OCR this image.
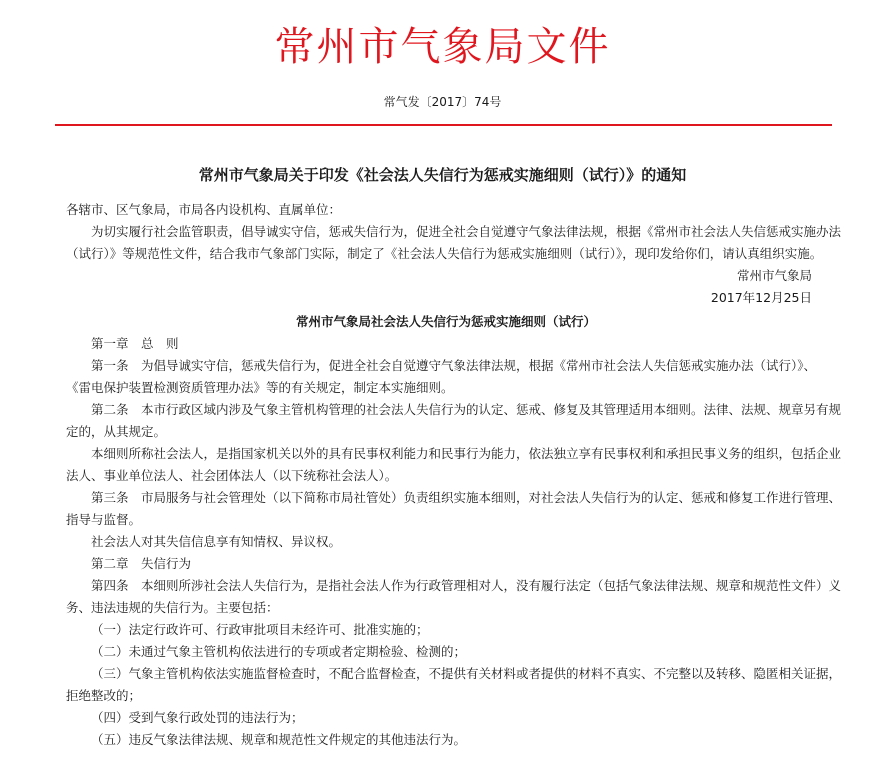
常州市气象局文件
常气发〔2017〕74号
常州市气象局关于印发《社会法人失信行为惩戒实施细则（试行）》的通知
各辖市、区气象局，市局各内设机构、直属单位：
为切实履行社会监管职责，倡导诚实守信，惩戒失信行为，促进全社会自觉遵守气象法律法规，根据《常州市社会法人失信惩戒实施办法
（试行）》等规范性文件，结合我市气象部门实际，制定了《社会法人失信行为惩戒实施细则（试行）》，现印发给你们，请认真组织实施。
常州市气象局
2017年12月25日
常州市气象局社会法人失信行为惩戒实施细则（试行）
第一章　总　则
第一条　为倡导诚实守信，惩戒失信行为，促进全社会自觉遵守气象法律法规，根据《常州市社会法人失信惩戒实施办法（试行）》、
《雷电保护装置检测资质管理办法》等的有关规定，制定本实施细则。
第二条　本市行政区域内涉及气象主管机构管理的社会法人失信行为的认定、惩戒、修复及其管理适用本细则。法律、法规、规章另有规
定的，从其规定。
本细则所称社会法人，是指国家机关以外的具有民事权利能力和民事行为能力，依法独立享有民事权利和承担民事义务的组织，包括企业
法人、事业单位法人、社会团体法人（以下统称社会法人）。
第三条　市局服务与社会管理处（以下简称市局社管处）负责组织实施本细则，对社会法人失信行为的认定、惩戒和修复工作进行管理、
指导与监督。
社会法人对其失信信息享有知情权、异议权。
第二章　失信行为
第四条　本细则所涉社会法人失信行为，是指社会法人作为行政管理相对人，没有履行法定（包括气象法律法规、规章和规范性文件）义
务、违法违规的失信行为。主要包括：
（一）法定行政许可、行政审批项目未经许可、批准实施的；
（二）未通过气象主管机构依法进行的专项或者定期检验、检测的；
（三）气象主管机构依法实施监督检查时，不配合监督检查，不提供有关材料或者提供的材料不真实、不完整以及转移、隐匿相关证据，
拒绝整改的；
（四）受到气象行政处罚的违法行为；
（五）违反气象法律法规、规章和规范性文件规定的其他违法行为。
